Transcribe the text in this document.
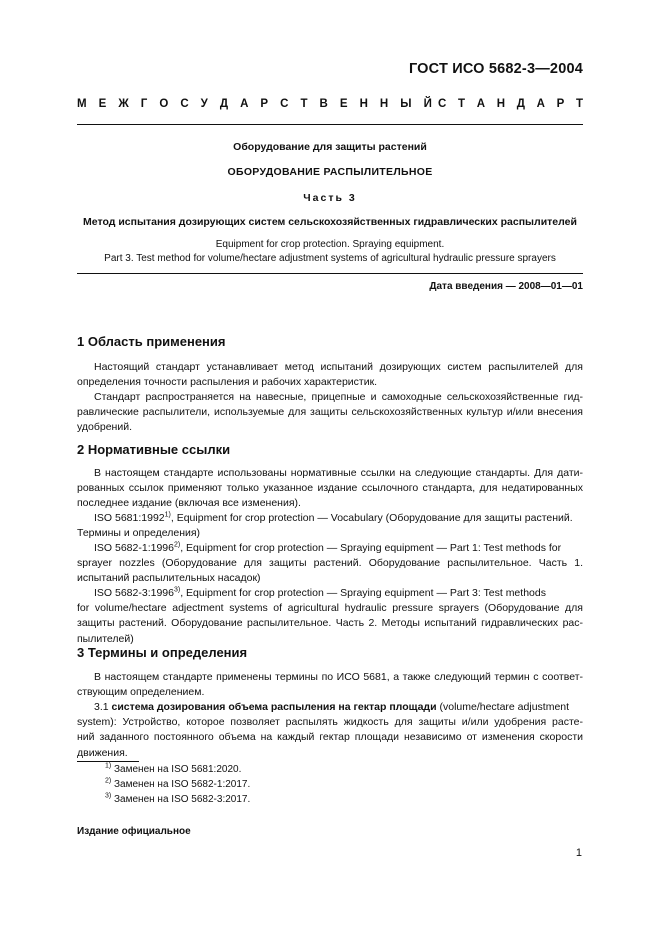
ГОСТ ИСО 5682-3—2004
М Е Ж Г О С У Д А Р С Т В Е Н Н Ы Й С Т А Н Д А Р Т
Оборудование для защиты растений
ОБОРУДОВАНИЕ РАСПЫЛИТЕЛЬНОЕ
Часть 3
Метод испытания дозирующих систем сельскохозяйственных гидравлических распылителей
Equipment for crop protection. Spraying equipment.
Part 3. Test method for volume/hectare adjustment systems of agricultural hydraulic pressure sprayers
Дата введения — 2008—01—01
1 Область применения
Настоящий стандарт устанавливает метод испытаний дозирующих систем распылителей для
определения точности распыления и рабочих характеристик.
Стандарт распространяется на навесные, прицепные и самоходные сельскохозяйственные гид-
равлические распылители, используемые для защиты сельскохозяйственных культур и/или внесения
удобрений.
2 Нормативные ссылки
В настоящем стандарте использованы нормативные ссылки на следующие стандарты. Для дати-
рованных ссылок применяют только указанное издание ссылочного стандарта, для недатированных
последнее издание (включая все изменения).
ISO 5681:1992$^{1)}$, Equipment for crop protection — Vocabulary (Оборудование для защиты растений.
Термины и определения)
ISO 5682-1:1996$^{2)}$, Equipment for crop protection — Spraying equipment — Part 1: Test methods for
sprayer nozzles (Оборудование для защиты растений. Оборудование распылительное. Часть 1.
испытаний распылительных насадок)
ISO 5682-3:1996$^{3)}$, Equipment for crop protection — Spraying equipment — Part 3: Test methods
for volume/hectare adjectment systems of agricultural hydraulic pressure sprayers (Оборудование для
защиты растений. Оборудование распылительное. Часть 2. Методы испытаний гидравлических рас-
пылителей)
3 Термины и определения
В настоящем стандарте применены термины по ИСО 5681, а также следующий термин с соответ-
ствующим определением.
3.1 система дозирования объема распыления на гектар площади (volume/hectare adjustment
system): Устройство, которое позволяет распылять жидкость для защиты и/или удобрения расте-
ний заданного постоянного объема на каждый гектар площади независимо от изменения скорости
движения.
$^{1)}$ Заменен на ISO 5681:2020.
$^{2)}$ Заменен на ISO 5682-1:2017.
$^{3)}$ Заменен на ISO 5682-3:2017.
Издание официальное
1
